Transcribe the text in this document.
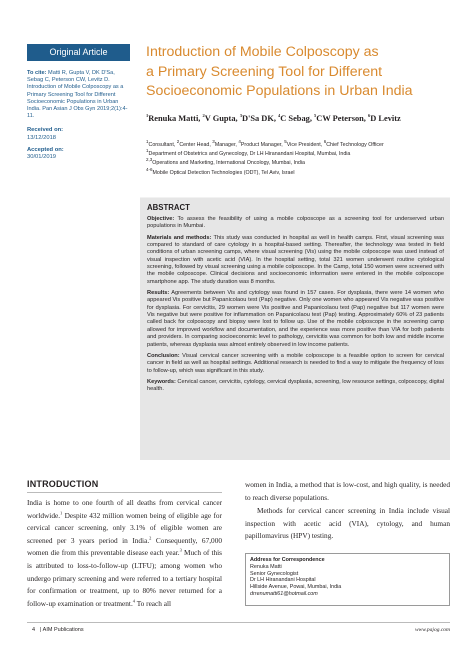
Original Article
To cite: Matti R, Gupta V, DK D'Sa, Sebag C, Peterson CW, Levitz D. Introduction of Mobile Colposcopy as a Primary Screening Tool for Different Socioeconomic Populations in Urban India. Pan Asian J Obs Gyn 2019;2(1):4-11.
Received on:
13/12/2018
Accepted on:
30/01/2019
Introduction of Mobile Colposcopy as
a Primary Screening Tool for Different
Socioeconomic Populations in Urban India
$^1$Renuka Matti, $^2$V Gupta, $^3$D'Sa DK, $^4$C Sebag, $^5$CW Peterson, $^6$D Levitz
$^1$Consultant, $^2$Center Head, $^3$Manager, $^4$Product Manager, $^5$Vice President, $^6$Chief Technology Officer
$^1$Department of Obstetrics and Gynecology, Dr LH Hiranandani Hospital, Mumbai, India
$^{2,3}$Operations and Marketing, International Oncology, Mumbai, India
$^{4-6}$Mobile Optical Detection Technologies (ODT), Tel Aviv, Israel
ABSTRACT

Objective: To assess the feasibility of using a mobile colposcope as a screening tool for underserved urban populations in Mumbai.

Materials and methods: This study was conducted in hospital as well in health camps. First, visual screening was compared to standard of care cytology in a hospital-based setting. Thereafter, the technology was tested in field conditions of urban screening camps, where visual screening (Vis) using the mobile colposcope was used instead of visual inspection with acetic acid (VIA). In the hospital setting, total 321 women underwent routine cytological screening, followed by visual screening using a mobile colposcope. In the Camp, total 150 women were screened with the mobile colposcope. Clinical decisions and socioeconomic information were entered in the mobile colposcope smartphone app. The study duration was 8 months.

Results: Agreements between Vis and cytology was found in 157 cases. For dysplasia, there were 14 women who appeared Vis positive but Papanicolaou test (Pap) negative. Only one women who appeared Vis negative was positive for dysplasia. For cervicitis, 29 women were Vis positive and Papanicolaou test (Pap) negative but 117 women were Vis negative but were positive for inflammation on Papanicolaou test (Pap) testing. Approximately 60% of 23 patients called back for colposcopy and biopsy were lost to follow up. Use of the mobile colposcope in the screening camp allowed for improved workflow and documentation, and the experience was more positive than VIA for both patients and providers. In comparing socioeconomic level to pathology, cervicitis was common for both low and middle income patients, whereas dysplasia was almost entirely observed in low income patients.

Conclusion: Visual cervical cancer screening with a mobile colposcope is a feasible option to screen for cervical cancer in field as well as hospital settings. Additional research is needed to find a way to mitigate the frequency of loss to follow-up, which was significant in this study.

Keywords: Cervical cancer, cervicitis, cytology, cervical dysplasia, screening, low resource settings, colposcopy, digital health.

INTRODUCTION

India is home to one fourth of all deaths from cervical cancer worldwide.$^1$ Despite 432 million women being of eligible age for cervical cancer screening, only 3.1% of eligible women are screened per 3 years period in India.$^2$ Consequently, 67,000 women die from this preventable disease each year.$^3$ Much of this is attributed to loss-to-follow-up (LTFU); among women who undergo primary screening and were referred to a tertiary hospital for confirmation or treatment, up to 80% never returned for a follow-up examination or treatment.$^4$ To reach all

women in India, a method that is low-cost, and high quality, is needed to reach diverse populations.

Methods for cervical cancer screening in India include visual inspection with acetic acid (VIA), cytology, and human papillomavirus (HPV) testing.

Address for Correspondence
Renuka Matti
Senior Gynecologist
Dr LH Hiranandani Hospital
Hillside Avenue, Powai, Mumbai, India
drrenumatti61@hotmail.com
4 | AIM Publications	www.pajog.com
